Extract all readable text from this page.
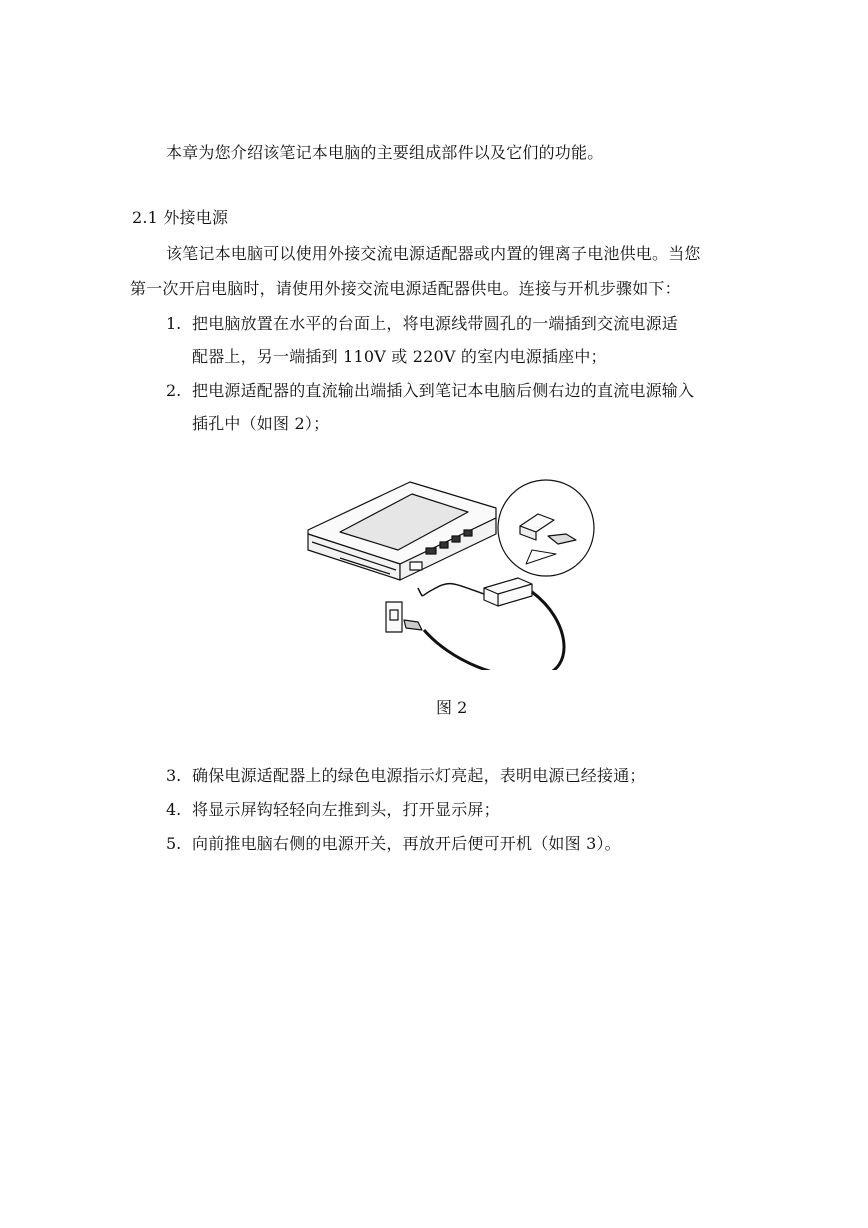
本章为您介绍该笔记本电脑的主要组成部件以及它们的功能。
2.1 外接电源
该笔记本电脑可以使用外接交流电源适配器或内置的锂离子电池供电。当您
第一次开启电脑时，请使用外接交流电源适配器供电。连接与开机步骤如下：
1. 把电脑放置在水平的台面上，将电源线带圆孔的一端插到交流电源适
配器上，另一端插到 110V 或 220V 的室内电源插座中；
2. 把电源适配器的直流输出端插入到笔记本电脑后侧右边的直流电源输入
插孔中（如图 2）；
图 2
3. 确保电源适配器上的绿色电源指示灯亮起，表明电源已经接通；
4. 将显示屏钩轻轻向左推到头，打开显示屏；
5. 向前推电脑右侧的电源开关，再放开后便可开机（如图 3）。
